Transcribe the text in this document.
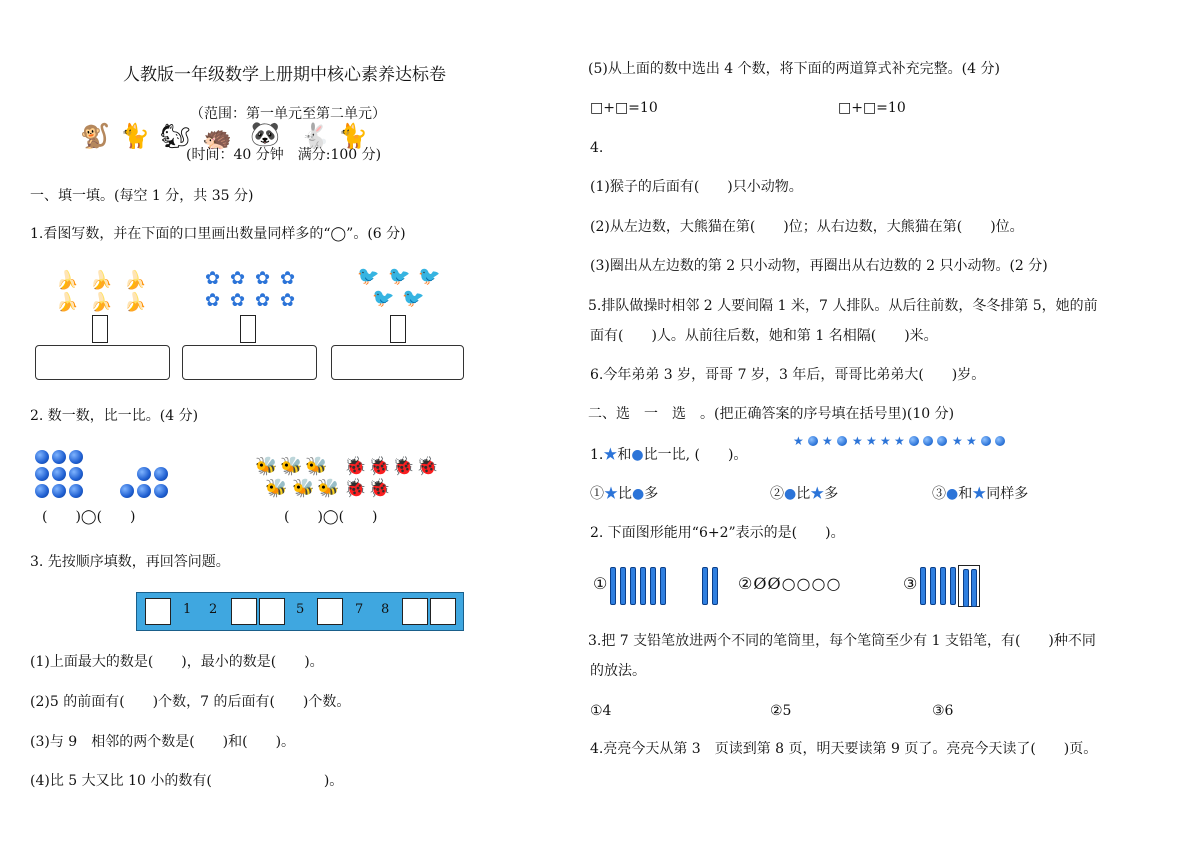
人教版一年级数学上册期中核心素养达标卷
（范围：第一单元至第二单元）
🐒 🐈 🐿 🦔 🐼 🐇 🐈
(时间：40 分钟　满分:100 分)
一、填一填。(每空 1 分，共 35 分)
1.看图写数，并在下面的口里画出数量同样多的“◯”。(6 分)
🍌 🍌 🍌
🍌 🍌 🍌
✿ ✿ ✿ ✿
✿ ✿ ✿ ✿
🐦 🐦 🐦
🐦 🐦
2. 数一数，比一比。(4 分)
(　　)◯(　　)
🐝 🐝 🐝
🐝 🐝 🐝
🐞 🐞 🐞 🐞
🐞 🐞
(　　)◯(　　)
3. 先按顺序填数，再回答问题。
1 2	5	7 8
(1)上面最大的数是(　　)，最小的数是(　　)。
(2)5 的前面有(　　)个数，7 的后面有(　　)个数。
(3)与 9　相邻的两个数是(　　)和(　　)。
(4)比 5 大又比 10 小的数有(　　　　　　　　)。
(5)从上面的数中选出 4 个数，将下面的两道算式补充完整。(4 分)
□+□=10	□+□=10
4.
(1)猴子的后面有(　　)只小动物。
(2)从左边数，大熊猫在第(　　)位；从右边数，大熊猫在第(　　)位。
(3)圈出从左边数的第 2 只小动物，再圈出从右边数的 2 只小动物。(2 分)
5.排队做操时相邻 2 人要间隔 1 米，7 人排队。从后往前数，冬冬排第 5，她的前
面有(　　)人。从前往后数，她和第 1 名相隔(　　)米。
6.今年弟弟 3 岁，哥哥 7 岁，3 年后，哥哥比弟弟大(　　)岁。
二、选　一　选　。(把正确答案的序号填在括号里)(10 分)
★ ★ ★ ★ ★ ★	★ ★
1.★和●比一比, (　　)。
①★比●多	②●比★多	③●和★同样多
2. 下面图形能用“6+2”表示的是(　　)。
①	②ØØ○○○○	③
3.把 7 支铅笔放进两个不同的笔筒里，每个笔筒至少有 1 支铅笔，有(　　)种不同
的放法。
①4	②5	③6
4.亮亮今天从第 3　页读到第 8 页，明天要读第 9 页了。亮亮今天读了(　　)页。
